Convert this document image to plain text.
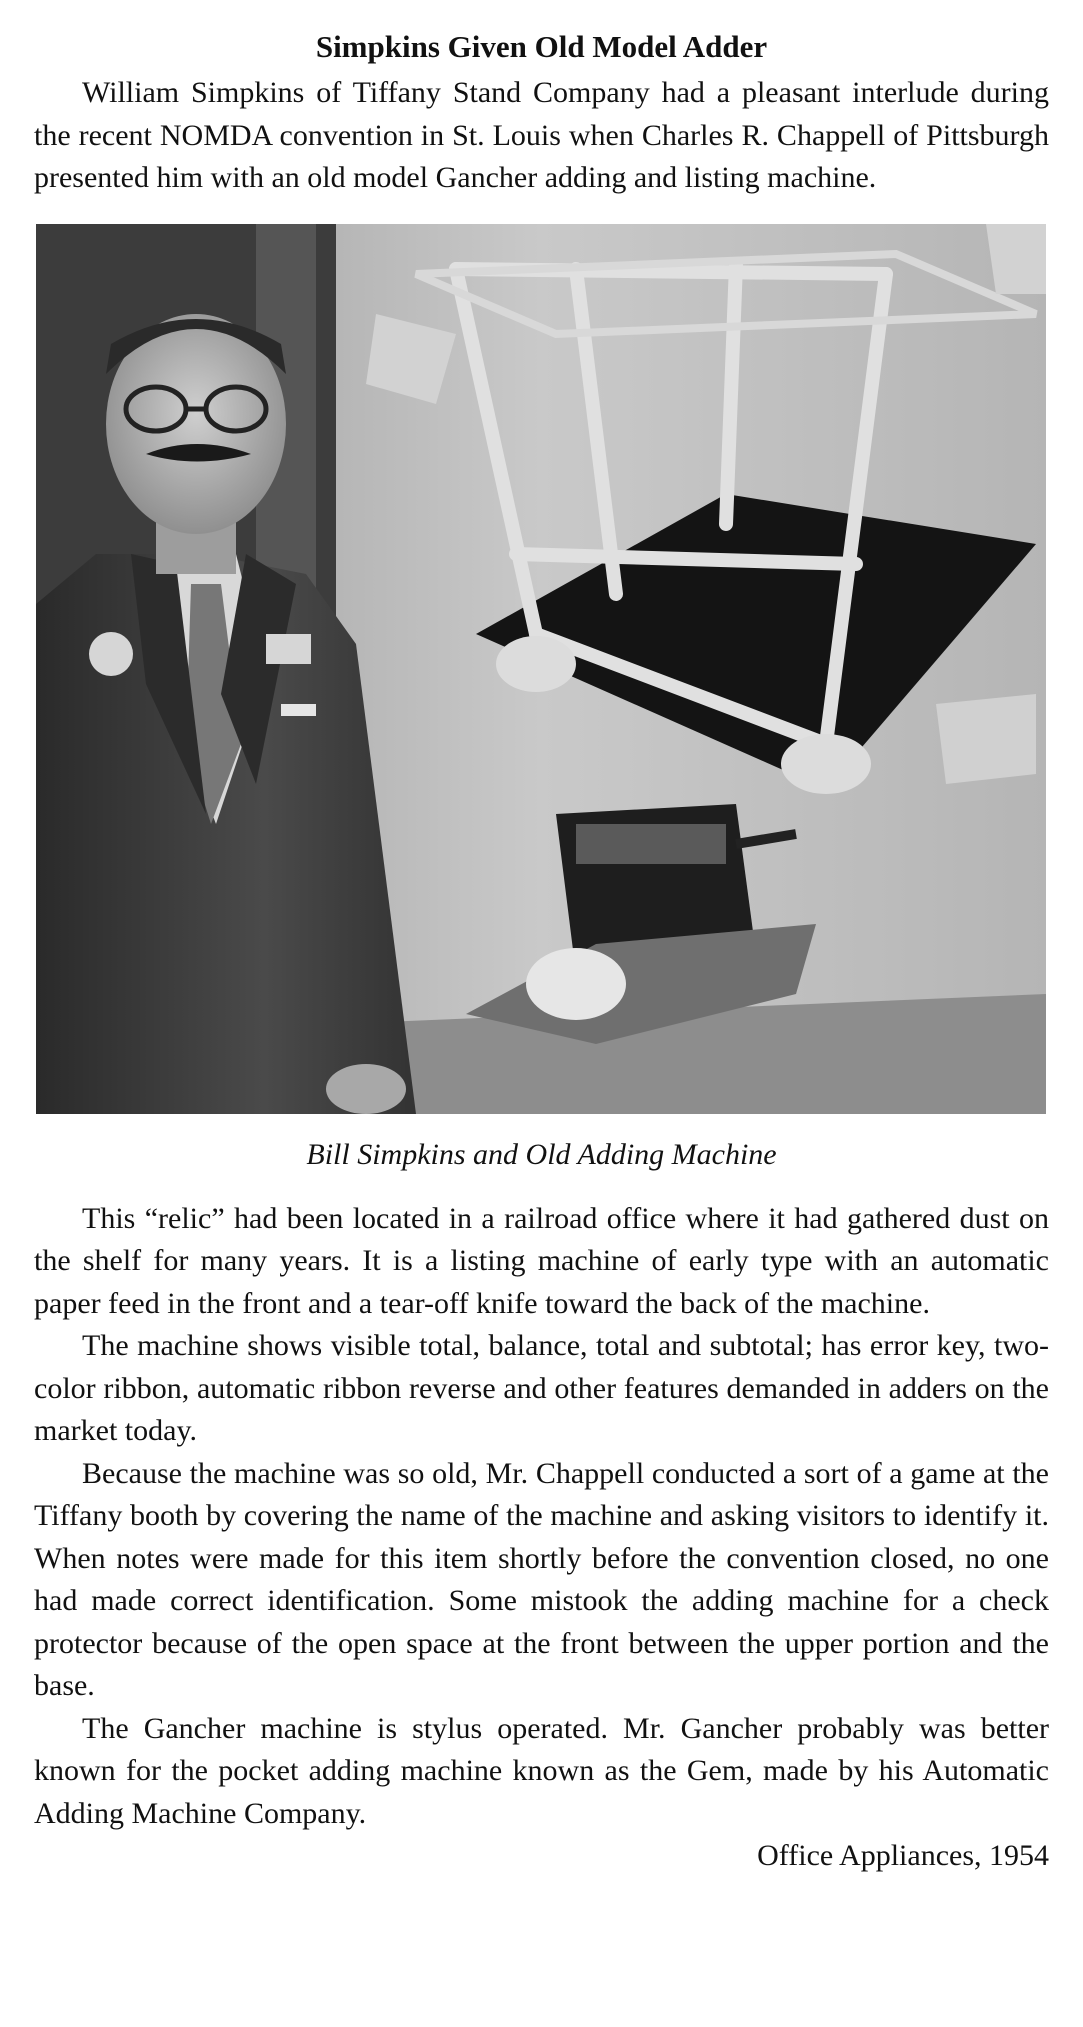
Simpkins Given Old Model Adder

William Simpkins of Tiffany Stand Company had a pleasant interlude during the recent NOMDA convention in St. Louis when Charles R. Chappell of Pittsburgh presented him with an old model Gancher adding and listing machine.

Bill Simpkins and Old Adding Machine

This “relic” had been located in a railroad office where it had gathered dust on the shelf for many years. It is a listing machine of early type with an automatic paper feed in the front and a tear-off knife toward the back of the machine.

The machine shows visible total, balance, total and subtotal; has error key, two-color ribbon, automatic ribbon reverse and other features demanded in adders on the market today.

Because the machine was so old, Mr. Chappell conducted a sort of a game at the Tiffany booth by covering the name of the machine and asking visitors to identify it. When notes were made for this item shortly before the convention closed, no one had made correct identification. Some mistook the adding machine for a check protector because of the open space at the front between the upper portion and the base.

The Gancher machine is stylus operated. Mr. Gancher probably was better known for the pocket adding machine known as the Gem, made by his Automatic Adding Machine Company.

Office Appliances, 1954
